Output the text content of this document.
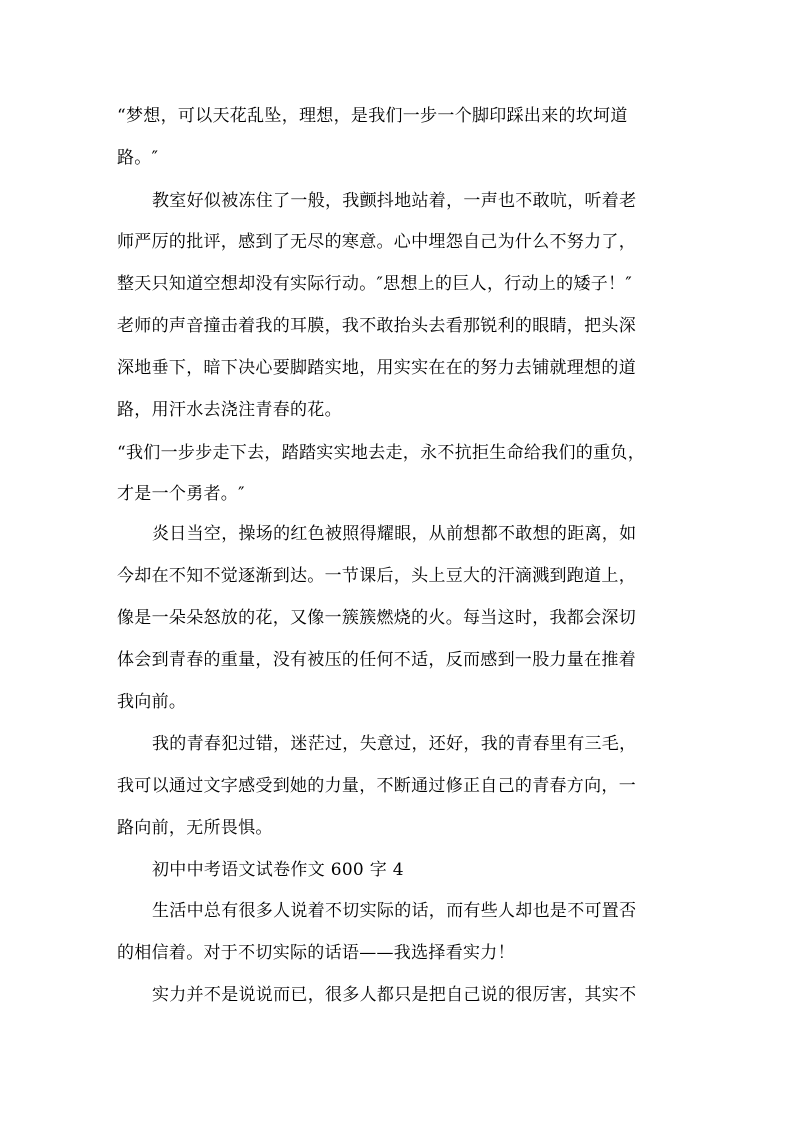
“梦想，可以天花乱坠，理想，是我们一步一个脚印踩出来的坎坷道
路。″
教室好似被冻住了一般，我颤抖地站着，一声也不敢吭，听着老
师严厉的批评，感到了无尽的寒意。心中埋怨自己为什么不努力了，
整天只知道空想却没有实际行动。″思想上的巨人，行动上的矮子！″
老师的声音撞击着我的耳膜，我不敢抬头去看那锐利的眼睛，把头深
深地垂下，暗下决心要脚踏实地，用实实在在的努力去铺就理想的道
路，用汗水去浇注青春的花。
“我们一步步走下去，踏踏实实地去走，永不抗拒生命给我们的重负，
才是一个勇者。″
炎日当空，操场的红色被照得耀眼，从前想都不敢想的距离，如
今却在不知不觉逐渐到达。一节课后，头上豆大的汗滴溅到跑道上，
像是一朵朵怒放的花，又像一簇簇燃烧的火。每当这时，我都会深切
体会到青春的重量，没有被压的任何不适，反而感到一股力量在推着
我向前。
我的青春犯过错，迷茫过，失意过，还好，我的青春里有三毛，
我可以通过文字感受到她的力量，不断通过修正自己的青春方向，一
路向前，无所畏惧。
初中中考语文试卷作文 600 字 4
生活中总有很多人说着不切实际的话，而有些人却也是不可置否
的相信着。对于不切实际的话语——我选择看实力！
实力并不是说说而已，很多人都只是把自己说的很厉害，其实不
